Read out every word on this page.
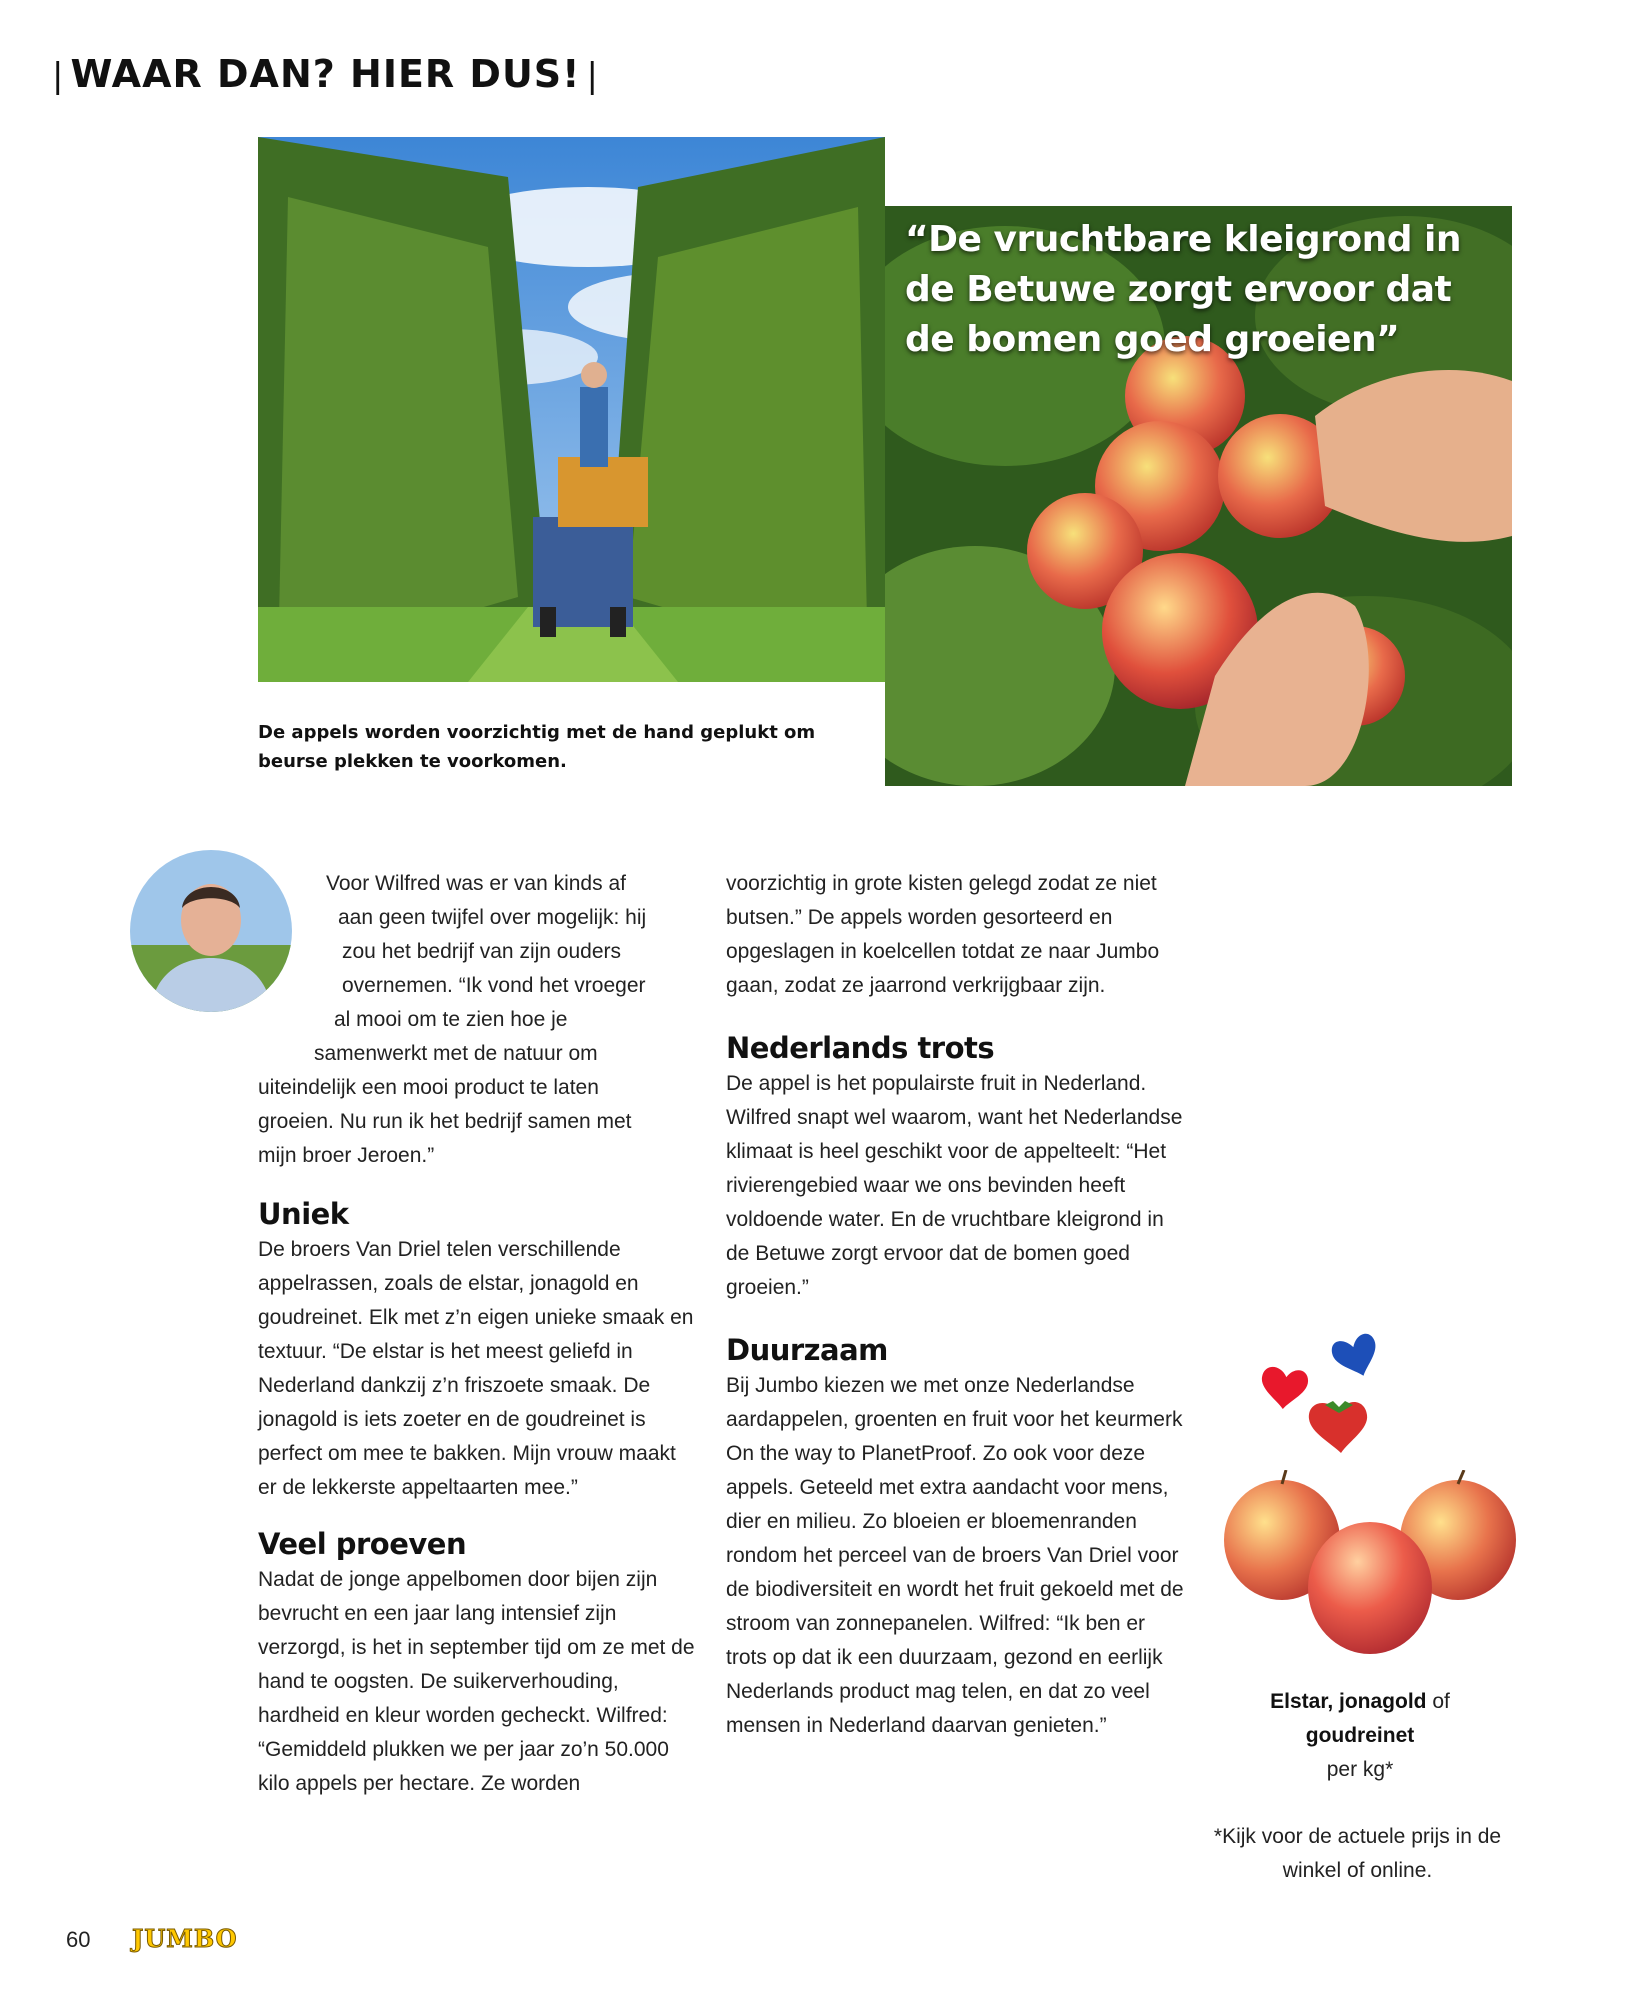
| WAAR DAN? HIER DUS! |
“De vruchtbare kleigrond in de Betuwe zorgt ervoor dat de bomen goed groeien”
De appels worden voorzichtig met de hand geplukt om beurse plekken te voorkomen.
Voor Wilfred was er van kinds af
aan geen twijfel over mogelijk: hij
zou het bedrijf van zijn ouders
overnemen. “Ik vond het vroeger
al mooi om te zien hoe je
samenwerkt met de natuur om
uiteindelijk een mooi product te laten
groeien. Nu run ik het bedrijf samen met
mijn broer Jeroen.”
Uniek

De broers Van Driel telen verschillende appelrassen, zoals de elstar, jonagold en goudreinet. Elk met z’n eigen unieke smaak en textuur. “De elstar is het meest geliefd in Nederland dankzij z’n friszoete smaak. De jonagold is iets zoeter en de goudreinet is perfect om mee te bakken. Mijn vrouw maakt er de lekkerste appeltaarten mee.”

Veel proeven

Nadat de jonge appelbomen door bijen zijn bevrucht en een jaar lang intensief zijn verzorgd, is het in september tijd om ze met de hand te oogsten. De suikerverhouding, hardheid en kleur worden gecheckt. Wilfred: “Gemiddeld plukken we per jaar zo’n 50.000 kilo appels per hectare. Ze worden

voorzichtig in grote kisten gelegd zodat ze niet butsen.” De appels worden gesorteerd en opgeslagen in koelcellen totdat ze naar Jumbo gaan, zodat ze jaarrond verkrijgbaar zijn.

Nederlands trots

De appel is het populairste fruit in Nederland. Wilfred snapt wel waarom, want het Nederlandse klimaat is heel geschikt voor de appelteelt: “Het rivierengebied waar we ons bevinden heeft voldoende water. En de vruchtbare kleigrond in de Betuwe zorgt ervoor dat de bomen goed groeien.”

Duurzaam

Bij Jumbo kiezen we met onze Nederlandse aardappelen, groenten en fruit voor het keurmerk On the way to PlanetProof. Zo ook voor deze appels. Geteeld met extra aandacht voor mens, dier en milieu. Zo bloeien er bloemenranden rondom het perceel van de broers Van Driel voor de biodiversiteit en wordt het fruit gekoeld met de stroom van zonnepanelen. Wilfred: “Ik ben er trots op dat ik een duurzaam, gezond en eerlijk Nederlands product mag telen, en dat zo veel mensen in Nederland daarvan genieten.”

Elstar, jonagold of
goudreinet
per kg*
*Kijk voor de actuele prijs in de winkel of online.
60 JUMBO
